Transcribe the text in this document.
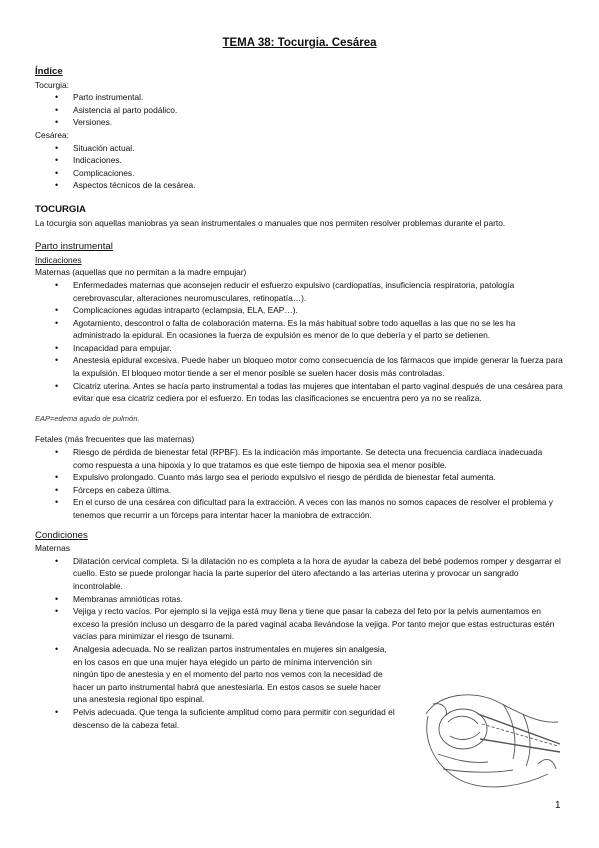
TEMA 38: Tocurgia. Cesárea
Índice
Tocurgia:
• Parto instrumental.
• Asistencia al parto podálico.
• Versiones.
Cesárea:
• Situación actual.
• Indicaciones.
• Complicaciones.
• Aspectos técnicos de la cesárea.
TOCURGIA
La tocurgia son aquellas maniobras ya sean instrumentales o manuales que nos permiten resolver problemas durante el parto.
Parto instrumental
Indicaciones
Maternas (aquellas que no permitan a la madre empujar)
• Enfermedades maternas que aconsejen reducir el esfuerzo expulsivo (cardiopatías, insuficiencia respiratoria, patología cerebrovascular, alteraciones neuromusculares, retinopatía…).
• Complicaciones agudas intraparto (eclampsia, ELA, EAP…).
• Agotamiento, descontrol o falta de colaboración materna. Es la más habitual sobre todo aquellas a las que no se les ha administrado la epidural. En ocasiones la fuerza de expulsión es menor de lo que debería y el parto se detienen.
• Incapacidad para empujar.
• Anestesia epidural excesiva. Puede haber un bloqueo motor como consecuencia de los fármacos que impide generar la fuerza para la expulsión. El bloqueo motor tiende a ser el menor posible se suelen hacer dosis más controladas.
• Cicatriz uterina. Antes se hacía parto instrumental a todas las mujeres que intentaban el parto vaginal después de una cesárea para evitar que esa cicatriz cediera por el esfuerzo. En todas las clasificaciones se encuentra pero ya no se realiza.
EAP=edema agudo de pulmón.
Fetales (más frecuentes que las maternas)
• Riesgo de pérdida de bienestar fetal (RPBF). Es la indicación más importante. Se detecta una frecuencia cardiaca inadecuada como respuesta a una hipoxia y lo que tratamos es que este tiempo de hipoxia sea el menor posible.
• Expulsivo prolongado. Cuanto más largo sea el periodo expulsivo el riesgo de pérdida de bienestar fetal aumenta.
• Fórceps en cabeza última.
• En el curso de una cesárea con dificultad para la extracción. A veces con las manos no somos capaces de resolver el problema y tenemos que recurrir a un fórceps para intentar hacer la maniobra de extracción.
Condiciones
Maternas
• Dilatación cervical completa. Si la dilatación no es completa a la hora de ayudar la cabeza del bebé podemos romper y desgarrar el cuello. Esto se puede prolongar hacia la parte superior del útero afectando a las arterias uterina y provocar un sangrado incontrolable.
• Membranas amnióticas rotas.
• Vejiga y recto vacíos. Por ejemplo si la vejiga está muy llena y tiene que pasar la cabeza del feto por la pelvis aumentamos en exceso la presión incluso un desgarro de la pared vaginal acaba llevándose la vejiga. Por tanto mejor que estas estructuras estén vacías para minimizar el riesgo de tsunami.
• Analgesia adecuada. No se realizan partos instrumentales en mujeres sin analgesia, en los casos en que una mujer haya elegido un parto de mínima intervención sin ningún tipo de anestesia y en el momento del parto nos vemos con la necesidad de hacer un parto instrumental habrá que anestesiarla. En estos casos se suele hacer una anestesia regional tipo espinal.
• Pelvis adecuada. Que tenga la suficiente amplitud como para permitir con seguridad el descenso de la cabeza fetal.
1
